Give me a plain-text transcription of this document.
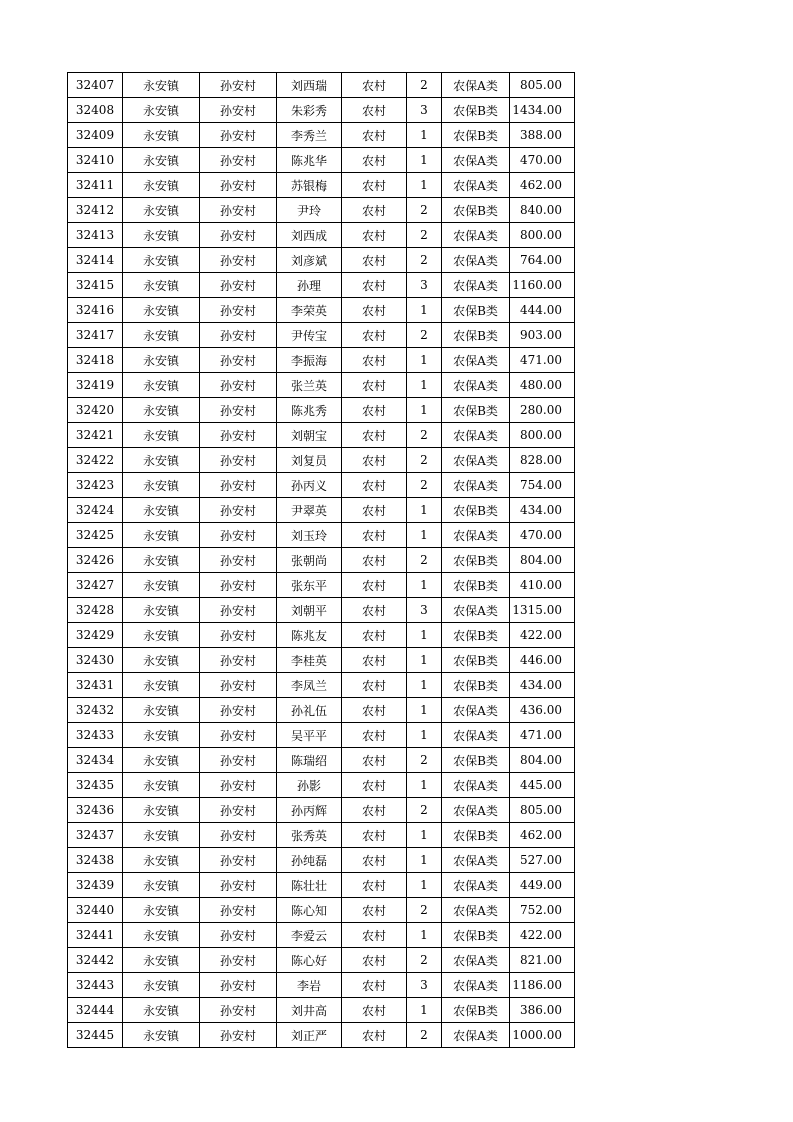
32407	永安镇	孙安村	刘西瑞	农村	2	农保A类	805.00
32408	永安镇	孙安村	朱彩秀	农村	3	农保B类	1434.00
32409	永安镇	孙安村	李秀兰	农村	1	农保B类	388.00
32410	永安镇	孙安村	陈兆华	农村	1	农保A类	470.00
32411	永安镇	孙安村	苏银梅	农村	1	农保A类	462.00
32412	永安镇	孙安村	尹玲	农村	2	农保B类	840.00
32413	永安镇	孙安村	刘西成	农村	2	农保A类	800.00
32414	永安镇	孙安村	刘彦斌	农村	2	农保A类	764.00
32415	永安镇	孙安村	孙理	农村	3	农保A类	1160.00
32416	永安镇	孙安村	李荣英	农村	1	农保B类	444.00
32417	永安镇	孙安村	尹传宝	农村	2	农保B类	903.00
32418	永安镇	孙安村	李振海	农村	1	农保A类	471.00
32419	永安镇	孙安村	张兰英	农村	1	农保A类	480.00
32420	永安镇	孙安村	陈兆秀	农村	1	农保B类	280.00
32421	永安镇	孙安村	刘朝宝	农村	2	农保A类	800.00
32422	永安镇	孙安村	刘复员	农村	2	农保A类	828.00
32423	永安镇	孙安村	孙丙义	农村	2	农保A类	754.00
32424	永安镇	孙安村	尹翠英	农村	1	农保B类	434.00
32425	永安镇	孙安村	刘玉玲	农村	1	农保A类	470.00
32426	永安镇	孙安村	张朝尚	农村	2	农保B类	804.00
32427	永安镇	孙安村	张东平	农村	1	农保B类	410.00
32428	永安镇	孙安村	刘朝平	农村	3	农保A类	1315.00
32429	永安镇	孙安村	陈兆友	农村	1	农保B类	422.00
32430	永安镇	孙安村	李桂英	农村	1	农保B类	446.00
32431	永安镇	孙安村	李凤兰	农村	1	农保B类	434.00
32432	永安镇	孙安村	孙礼伍	农村	1	农保A类	436.00
32433	永安镇	孙安村	吴平平	农村	1	农保A类	471.00
32434	永安镇	孙安村	陈瑞绍	农村	2	农保B类	804.00
32435	永安镇	孙安村	孙影	农村	1	农保A类	445.00
32436	永安镇	孙安村	孙丙辉	农村	2	农保A类	805.00
32437	永安镇	孙安村	张秀英	农村	1	农保B类	462.00
32438	永安镇	孙安村	孙纯磊	农村	1	农保A类	527.00
32439	永安镇	孙安村	陈壮壮	农村	1	农保A类	449.00
32440	永安镇	孙安村	陈心知	农村	2	农保A类	752.00
32441	永安镇	孙安村	李爱云	农村	1	农保B类	422.00
32442	永安镇	孙安村	陈心好	农村	2	农保A类	821.00
32443	永安镇	孙安村	李岩	农村	3	农保A类	1186.00
32444	永安镇	孙安村	刘井高	农村	1	农保B类	386.00
32445	永安镇	孙安村	刘正严	农村	2	农保A类	1000.00
